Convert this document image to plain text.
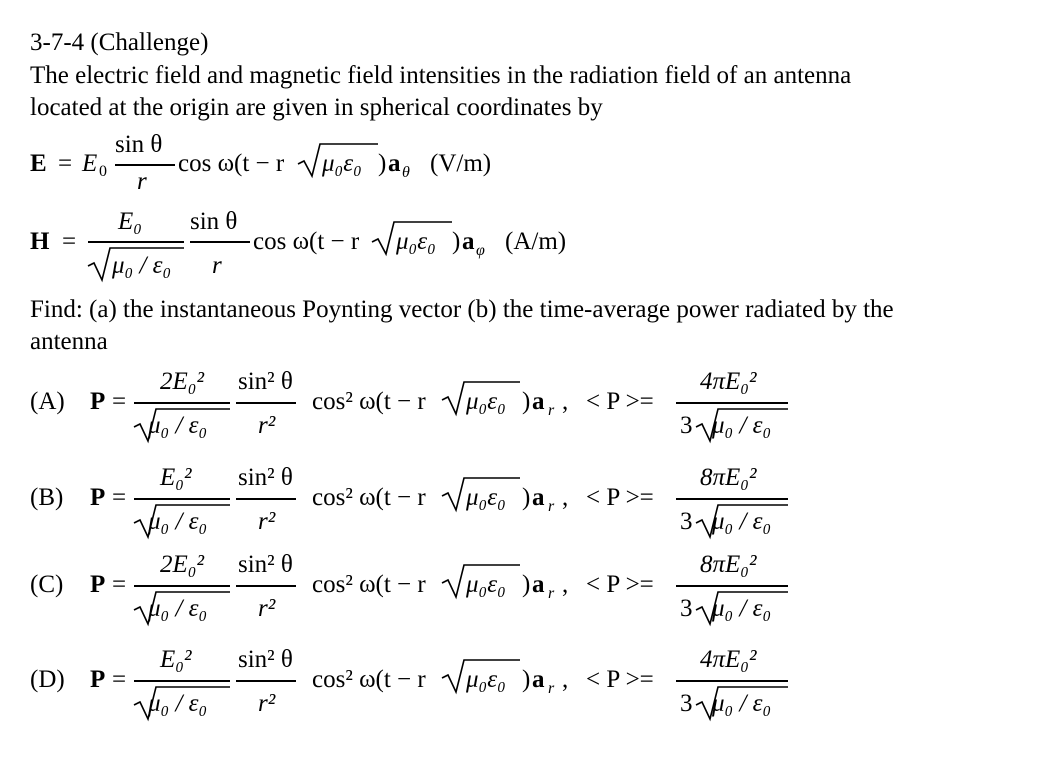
3-7-4 (Challenge)
The electric field and magnetic field intensities in the radiation field of an antenna
located at the origin are given in spherical coordinates by
E = E 0
sin θ
r
cos ω(t − r μ₀ε₀ ) a θ (V/m)
H =
E₀
μ₀ / ε₀
sin θ
r
cos ω(t − r μ₀ε₀ ) a φ (A/m)
Find: (a) the instantaneous Poynting vector (b) the time-average power radiated by the
antenna
(A) P
2E₀²
μ₀ / ε₀
sin² θ
r²
cos² ω(t − r μ₀ε₀ ) a r , < P >=
4πE₀²
3 μ₀ / ε₀
=
(B) P
E₀²
μ₀ / ε₀
sin² θ
r²
cos² ω(t − r μ₀ε₀ ) a r , < P >=
8πE₀²
3 μ₀ / ε₀
=
(C) P
2E₀²
μ₀ / ε₀
sin² θ
r²
cos² ω(t − r μ₀ε₀ ) a r , < P >=
8πE₀²
3 μ₀ / ε₀
=
(D) P
E₀²
μ₀ / ε₀
sin² θ
r²
cos² ω(t − r μ₀ε₀ ) a r , < P >=
4πE₀²
3 μ₀ / ε₀
=
